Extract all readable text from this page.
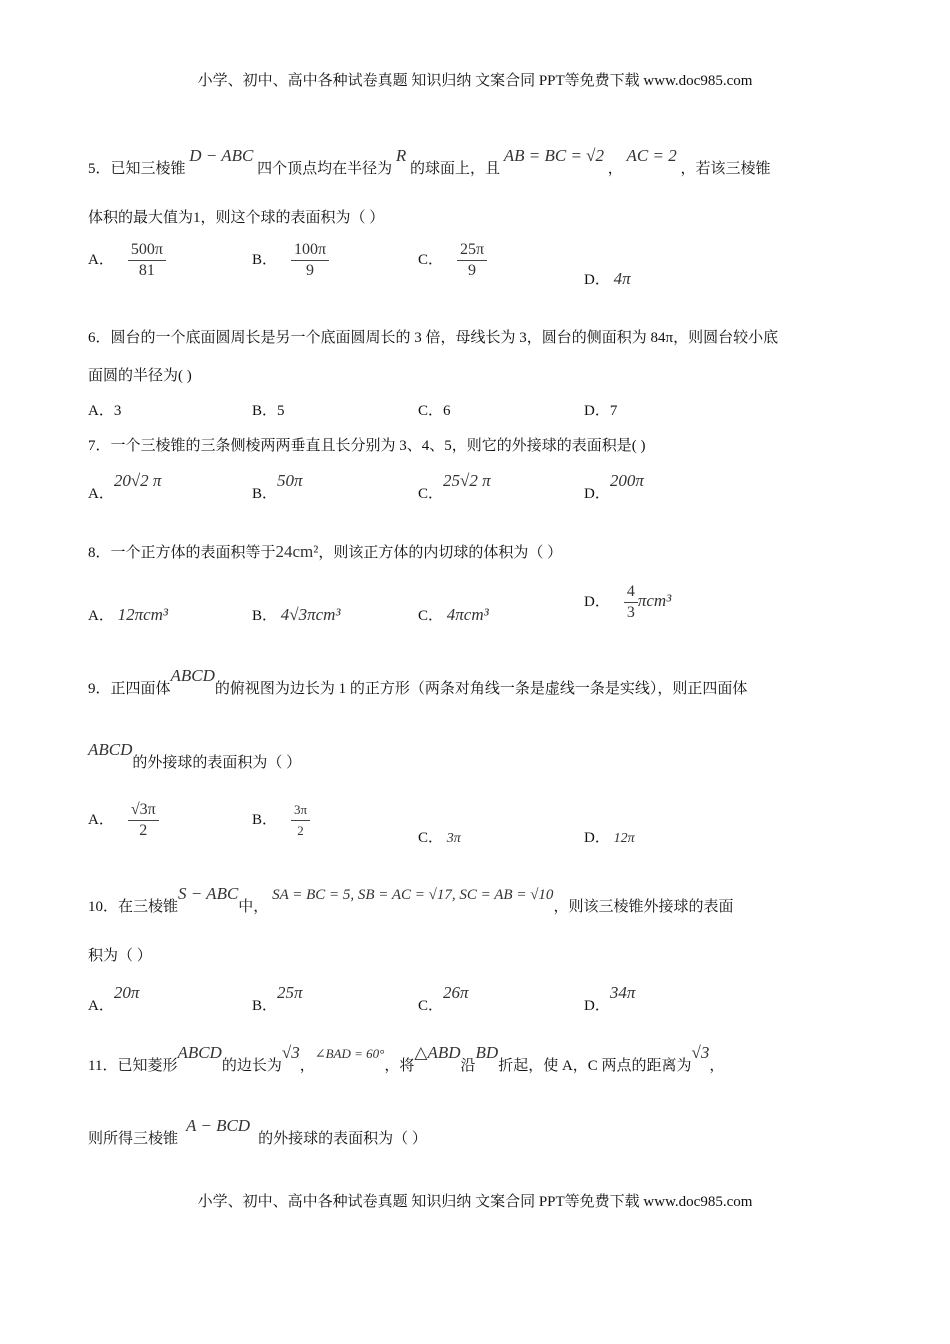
小学、初中、高中各种试卷真题 知识归纳 文案合同 PPT等免费下载 www.doc985.com
5．已知三棱锥 D − ABC 四个顶点均在半径为 R 的球面上，且 AB = BC = √2 ， AC = 2 ，若该三棱锥
体积的最大值为1，则这个球的表面积为（ ）
A． $\frac{500\pi}{81}$	B． $\frac{100\pi}{9}$	C． $\frac{25\pi}{9}$	D． 4π
6．圆台的一个底面圆周长是另一个底面圆周长的 3 倍，母线长为 3，圆台的侧面积为 84π，则圆台较小底
面圆的半径为( )
A．3	B．5	C．6	D．7
7．一个三棱锥的三条侧棱两两垂直且长分别为 3、4、5，则它的外接球的表面积是( )
A．20√2 π
B．50π
C．25√2 π
D．200π
8．一个正方体的表面积等于24cm²，则该正方体的内切球的体积为（ ）
A． 12πcm³	B． 4√3πcm³	C． 4πcm³
D． $\frac{4}{3} \pi cm^3$
9．正四面体ABCD的俯视图为边长为 1 的正方形（两条对角线一条是虚线一条是实线），则正四面体
ABCD的外接球的表面积为（ ）
A． $\frac{√3\pi}{2}$	B． $\frac{3\pi}{2}$	C． 3π	D． 12π
10．在三棱锥S − ABC中， SA = BC = 5, SB = AC = √17, SC = AB = √10，则该三棱锥外接球的表面
积为（ ）
A．20π
B．25π
C．26π
D．34π
11．已知菱形ABCD的边长为√3，∠BAD = 60°，将△ABD沿BD折起，使 A，C 两点的距离为√3，
则所得三棱锥A − BCD的外接球的表面积为（ ）
小学、初中、高中各种试卷真题 知识归纳 文案合同 PPT等免费下载 www.doc985.com
